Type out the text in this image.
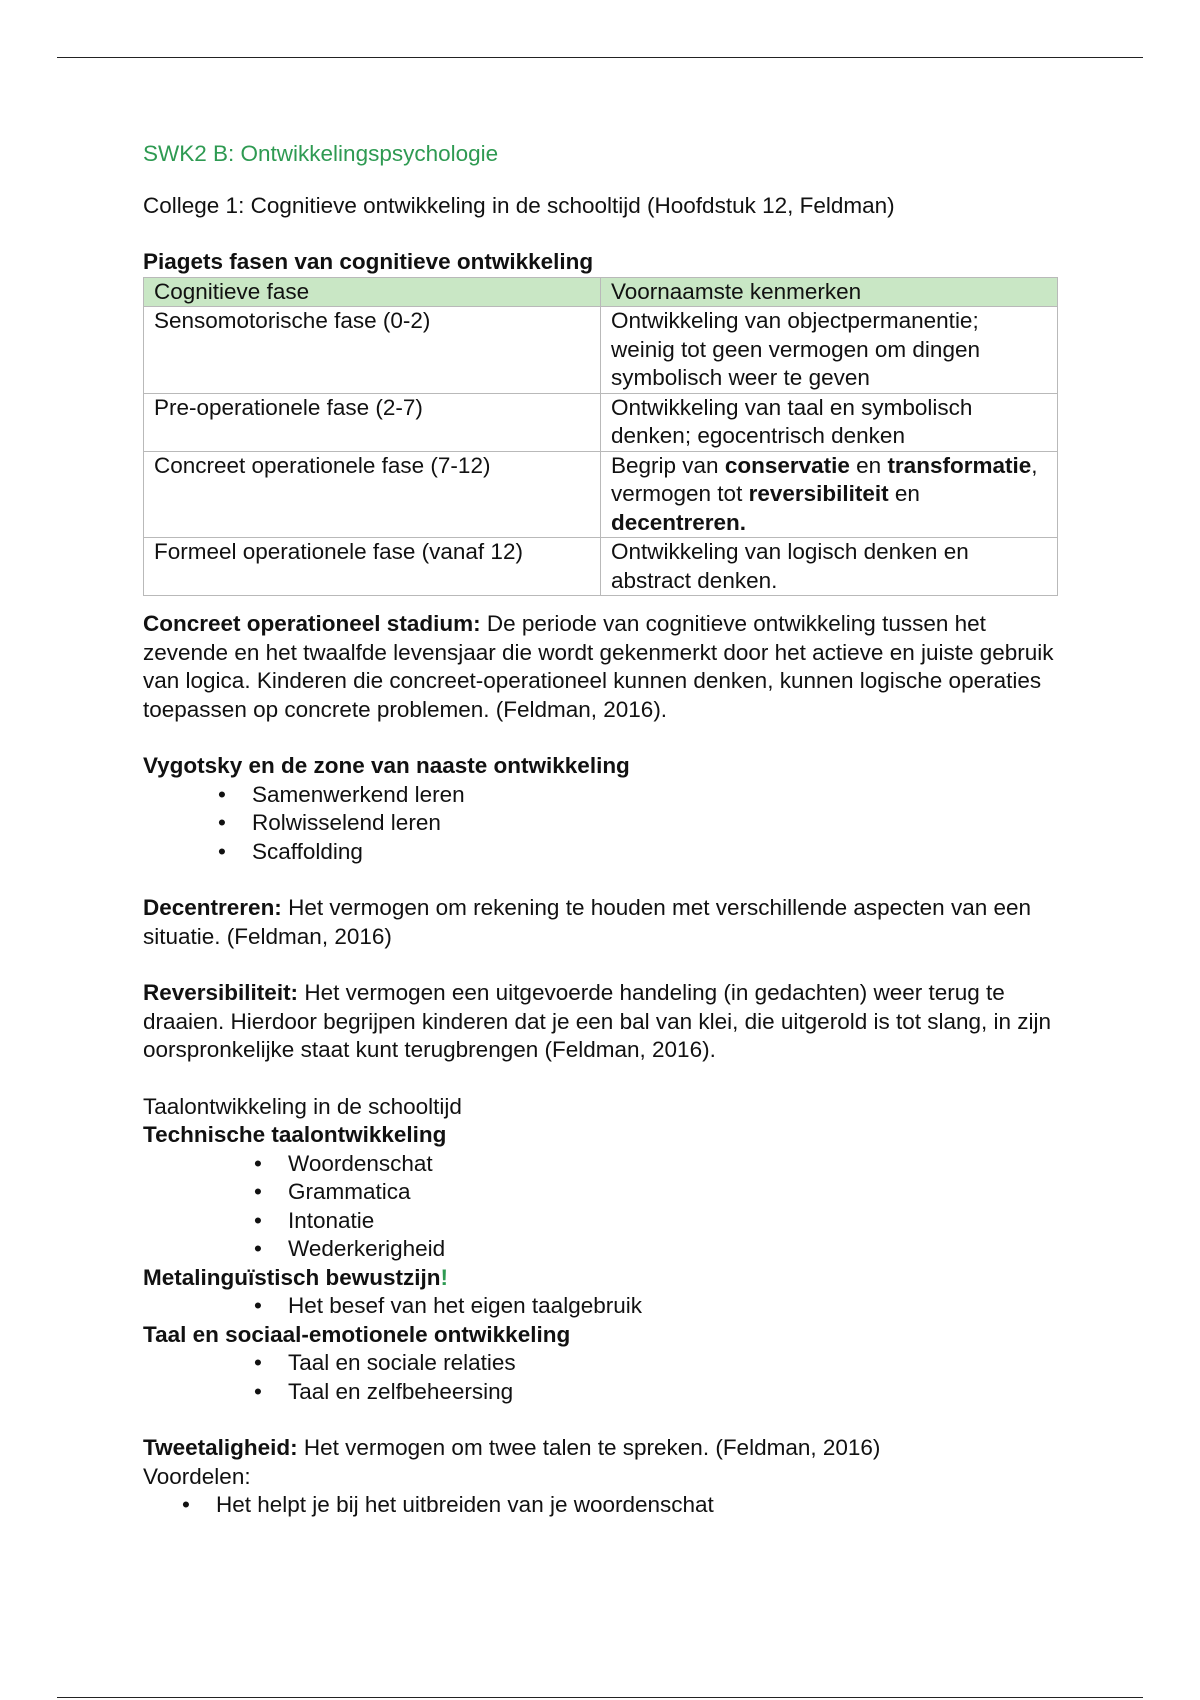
SWK2 B: Ontwikkelingspsychologie

College 1: Cognitieve ontwikkeling in de schooltijd (Hoofdstuk 12, Feldman)

Piagets fasen van cognitieve ontwikkeling

Cognitieve fase	Voornaamste kenmerken
Sensomotorische fase (0-2)	Ontwikkeling van objectpermanentie; weinig tot geen vermogen om dingen symbolisch weer te geven
Pre-operationele fase (2-7)	Ontwikkeling van taal en symbolisch denken; egocentrisch denken
Concreet operationele fase (7-12)	Begrip van conservatie en transformatie, vermogen tot reversibiliteit en decentreren.
Formeel operationele fase (vanaf 12)	Ontwikkeling van logisch denken en abstract denken.

Concreet operationeel stadium: De periode van cognitieve ontwikkeling tussen het zevende en het twaalfde levensjaar die wordt gekenmerkt door het actieve en juiste gebruik van logica. Kinderen die concreet-operationeel kunnen denken, kunnen logische operaties toepassen op concrete problemen. (Feldman, 2016).

Vygotsky en de zone van naaste ontwikkeling

• Samenwerkend leren
• Rolwisselend leren
• Scaffolding

Decentreren: Het vermogen om rekening te houden met verschillende aspecten van een situatie. (Feldman, 2016)

Reversibiliteit: Het vermogen een uitgevoerde handeling (in gedachten) weer terug te draaien. Hierdoor begrijpen kinderen dat je een bal van klei, die uitgerold is tot slang, in zijn oorspronkelijke staat kunt terugbrengen (Feldman, 2016).

Taalontwikkeling in de schooltijd

Technische taalontwikkeling

• Woordenschat
• Grammatica
• Intonatie
• Wederkerigheid

Metalinguïstisch bewustzijn!

• Het besef van het eigen taalgebruik

Taal en sociaal-emotionele ontwikkeling

• Taal en sociale relaties
• Taal en zelfbeheersing

Tweetaligheid: Het vermogen om twee talen te spreken. (Feldman, 2016)

Voordelen:

• Het helpt je bij het uitbreiden van je woordenschat
